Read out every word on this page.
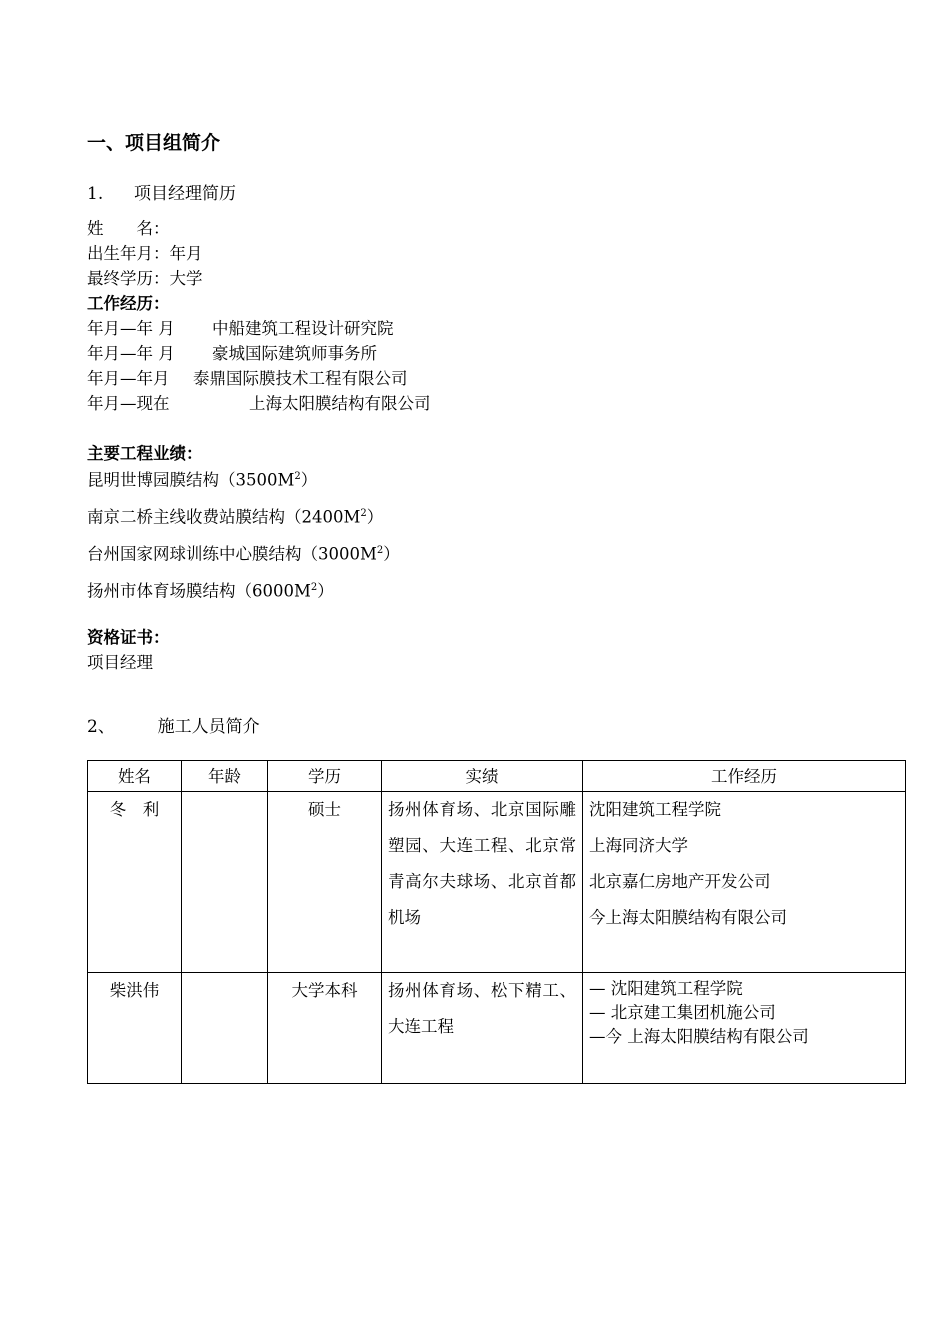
一、项目组简介
1. 项目经理简历
姓　　名：
出生年月：年月
最终学历：大学
工作经历：
年月—年 月 中船建筑工程设计研究院
年月—年 月 豪城国际建筑师事务所
年月—年月 泰鼎国际膜技术工程有限公司
年月—现在	上海太阳膜结构有限公司
主要工程业绩：
昆明世博园膜结构$(3500M^2)$
南京二桥主线收费站膜结构$(2400M^2)$
台州国家网球训练中心膜结构$(3000M^2)$
扬州市体育场膜结构$(6000M^2)$
资格证书：
项目经理
2、	施工人员简介
姓名	年龄	学历	实绩	工作经历
冬　利		硕士	扬州体育场、北京国际雕塑园、大连工程、北京常青高尔夫球场、北京首都机场	沈阳建筑工程学院
上海同济大学
北京嘉仁房地产开发公司
今上海太阳膜结构有限公司

柴洪伟		大学本科	扬州体育场、松下精工、大连工程	— 沈阳建筑工程学院
— 北京建工集团机施公司
—今 上海太阳膜结构有限公司
